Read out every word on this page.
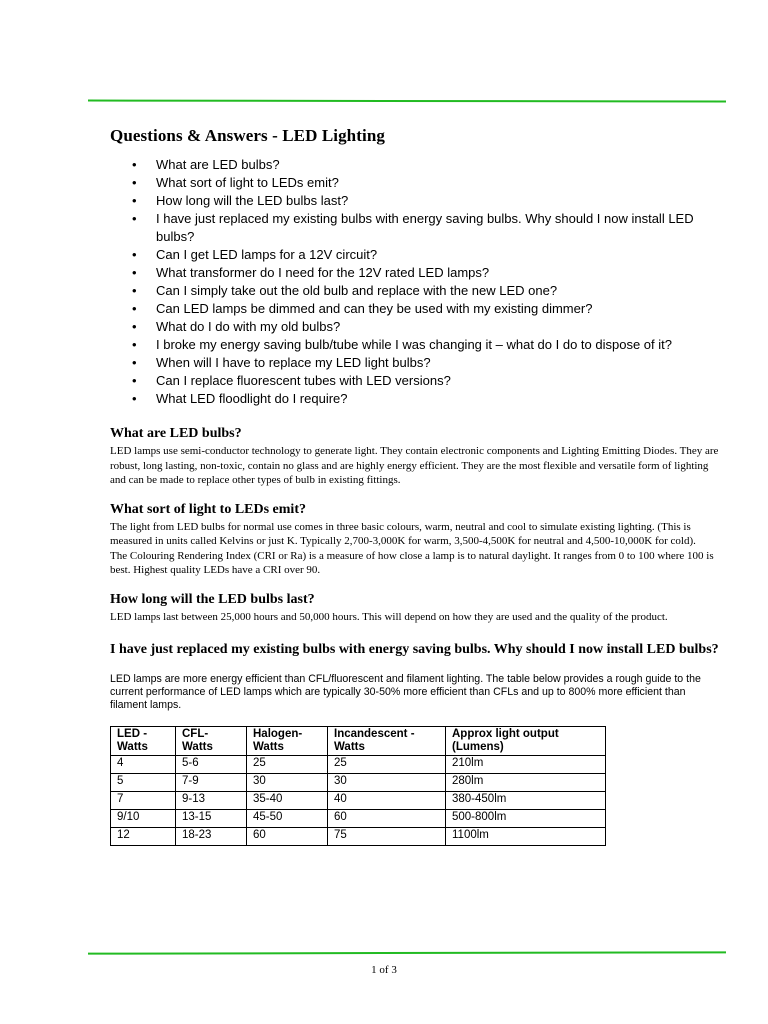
Questions & Answers - LED Lighting
• What are LED bulbs?
• What sort of light to LEDs emit?
• How long will the LED bulbs last?
• I have just replaced my existing bulbs with energy saving bulbs. Why should I now install LED bulbs?
• Can I get LED lamps for a 12V circuit?
• What transformer do I need for the 12V rated LED lamps?
• Can I simply take out the old bulb and replace with the new LED one?
• Can LED lamps be dimmed and can they be used with my existing dimmer?
• What do I do with my old bulbs?
• I broke my energy saving bulb/tube while I was changing it – what do I do to dispose of it?
• When will I have to replace my LED light bulbs?
• Can I replace fluorescent tubes with LED versions?
• What LED floodlight do I require?
What are LED bulbs?

LED lamps use semi-conductor technology to generate light. They contain electronic components and Lighting Emitting Diodes. They are robust, long lasting, non-toxic, contain no glass and are highly energy efficient. They are the most flexible and versatile form of lighting and can be made to replace other types of bulb in existing fittings.

What sort of light to LEDs emit?

The light from LED bulbs for normal use comes in three basic colours, warm, neutral and cool to simulate existing lighting. (This is measured in units called Kelvins or just K. Typically 2,700-3,000K for warm, 3,500-4,500K for neutral and 4,500-10,000K for cold).

The Colouring Rendering Index (CRI or Ra) is a measure of how close a lamp is to natural daylight. It ranges from 0 to 100 where 100 is best. Highest quality LEDs have a CRI over 90.

How long will the LED bulbs last?

LED lamps last between 25,000 hours and 50,000 hours. This will depend on how they are used and the quality of the product.

I have just replaced my existing bulbs with energy saving bulbs. Why should I now install LED bulbs?

LED lamps are more energy efficient than CFL/fluorescent and filament lighting. The table below provides a rough guide to the current performance of LED lamps which are typically 30-50% more efficient than CFLs and up to 800% more efficient than filament lamps.

LED - Watts	CFL- Watts	Halogen- Watts	Incandescent - Watts	Approx light output (Lumens)
4	5-6	25	25	210lm
5	7-9	30	30	280lm
7	9-13	35-40	40	380-450lm
9/10	13-15	45-50	60	500-800lm
12	18-23	60	75	1100lm
1 of 3
